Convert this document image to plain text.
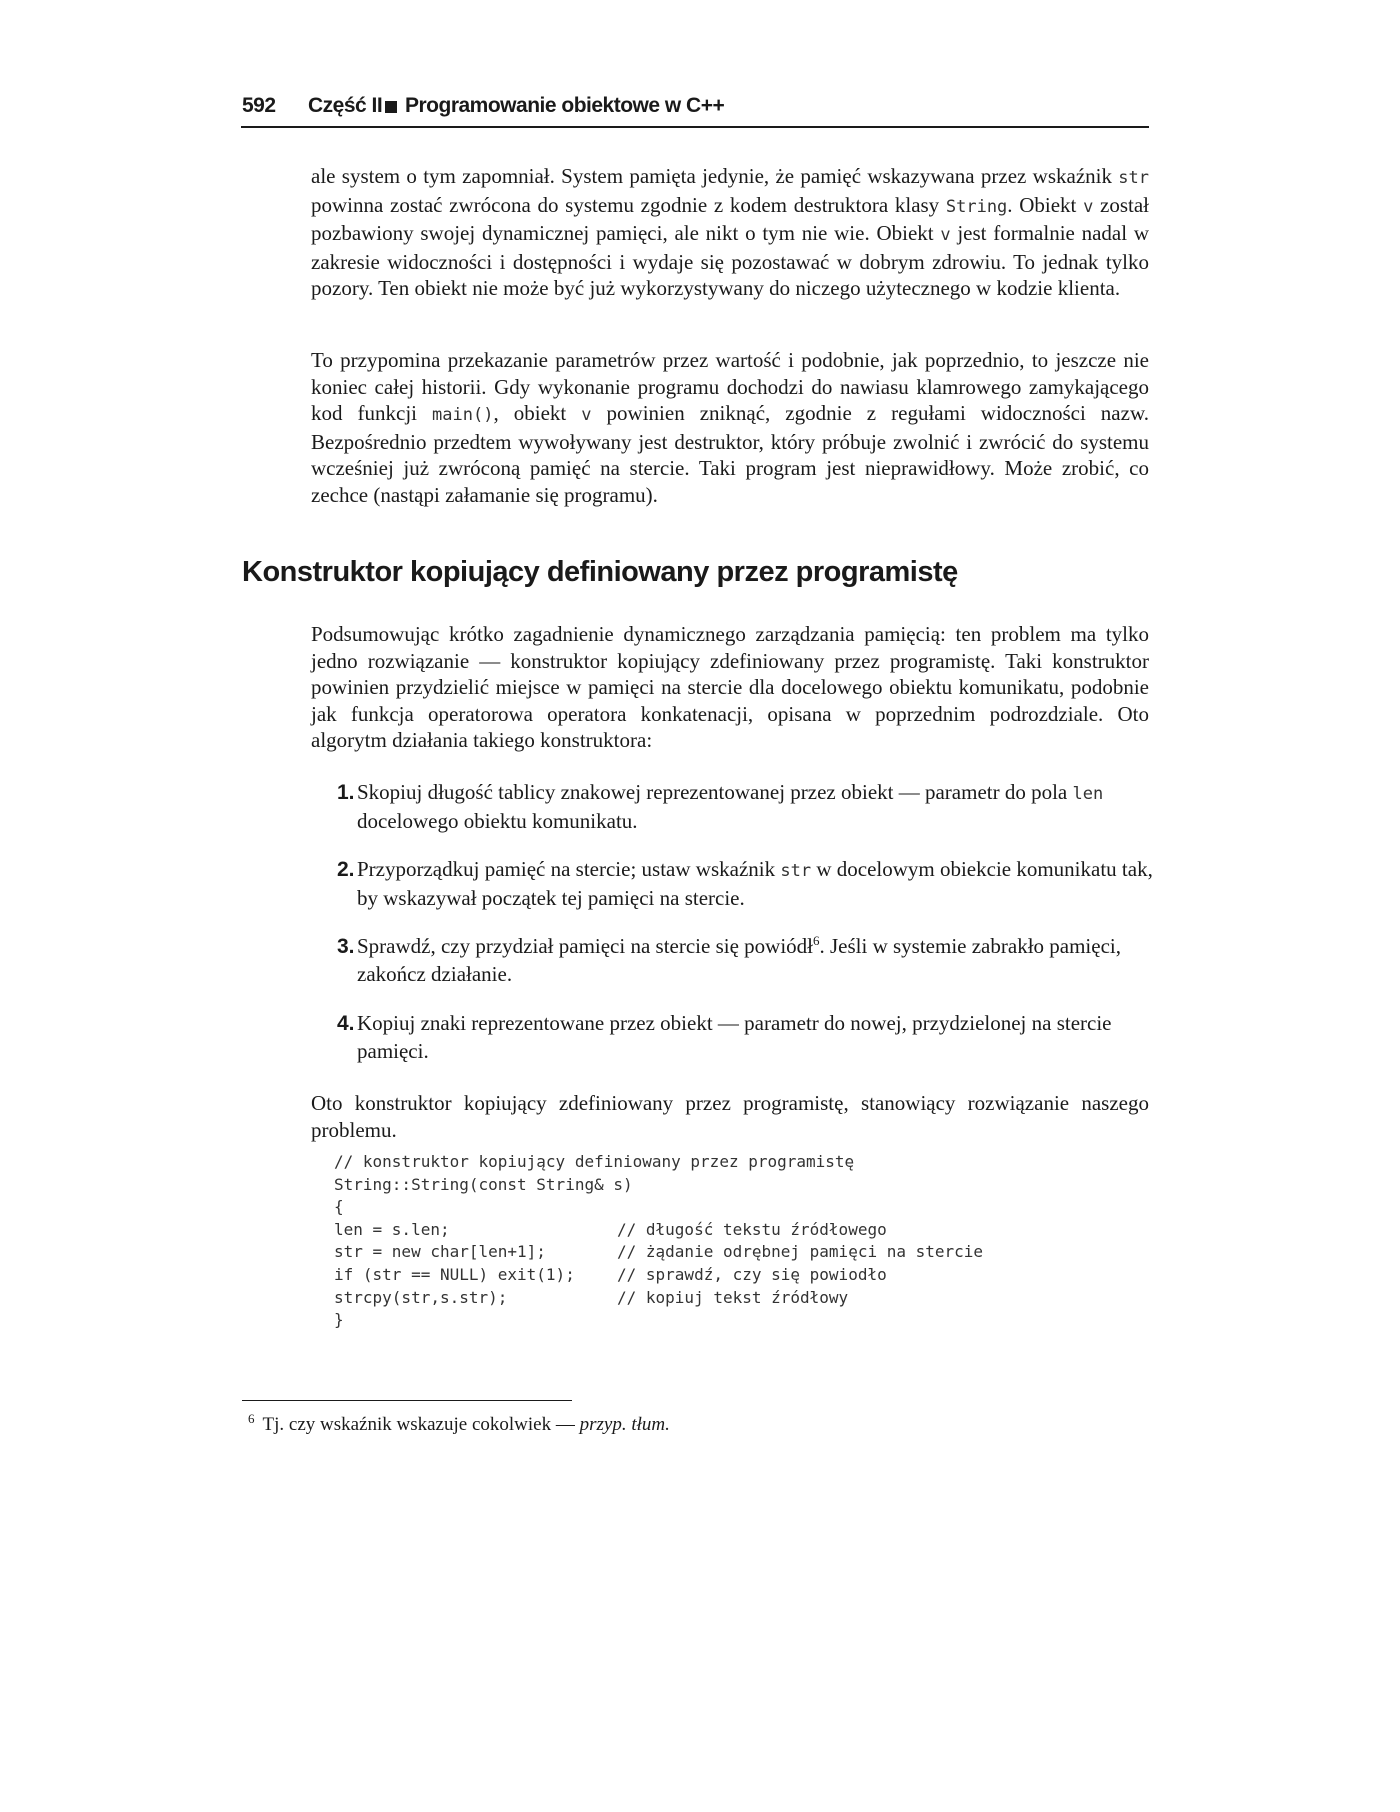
592 Część II Programowanie obiektowe w C++

ale system o tym zapomniał. System pamięta jedynie, że pamięć wskazywana przez wskaźnik str powinna zostać zwrócona do systemu zgodnie z kodem destruktora klasy String. Obiekt v został pozbawiony swojej dynamicznej pamięci, ale nikt o tym nie wie. Obiekt v jest formalnie nadal w zakresie widoczności i dostępności i wydaje się pozostawać w dobrym zdrowiu. To jednak tylko pozory. Ten obiekt nie może być już wykorzystywany do niczego użytecznego w kodzie klienta.

To przypomina przekazanie parametrów przez wartość i podobnie, jak poprzednio, to jeszcze nie koniec całej historii. Gdy wykonanie programu dochodzi do nawiasu klamrowego zamykającego kod funkcji main(), obiekt v powinien zniknąć, zgodnie z regułami widoczności nazw. Bezpośrednio przedtem wywoływany jest destruktor, który próbuje zwolnić i zwrócić do systemu wcześniej już zwróconą pamięć na stercie. Taki program jest nieprawidłowy. Może zrobić, co zechce (nastąpi załamanie się programu).

Konstruktor kopiujący definiowany przez programistę

Podsumowując krótko zagadnienie dynamicznego zarządzania pamięcią: ten problem ma tylko jedno rozwiązanie — konstruktor kopiujący zdefiniowany przez programistę. Taki konstruktor powinien przydzielić miejsce w pamięci na stercie dla docelowego obiektu komunikatu, podobnie jak funkcja operatorowa operatora konkatenacji, opisana w poprzednim podrozdziale. Oto algorytm działania takiego konstruktora:

1. Skopiuj długość tablicy znakowej reprezentowanej przez obiekt — parametr do pola len docelowego obiektu komunikatu.
2. Przyporządkuj pamięć na stercie; ustaw wskaźnik str w docelowym obiekcie komunikatu tak, by wskazywał początek tej pamięci na stercie.
3. Sprawdź, czy przydział pamięci na stercie się powiódł$^6$. Jeśli w systemie zabrakło pamięci, zakończ działanie.
4. Kopiuj znaki reprezentowane przez obiekt — parametr do nowej, przydzielonej na stercie pamięci.

Oto konstruktor kopiujący zdefiniowany przez programistę, stanowiący rozwiązanie naszego problemu.

// konstruktor kopiujący definiowany przez programistę
String::String(const String& s)
{
len = s.len;	// długość tekstu źródłowego
str = new char[len+1];	// żądanie odrębnej pamięci na stercie
if (str == NULL) exit(1);	// sprawdź, czy się powiodło
strcpy(str,s.str);	// kopiuj tekst źródłowy
}

$^6$ Tj. czy wskaźnik wskazuje cokolwiek — przyp. tłum.
